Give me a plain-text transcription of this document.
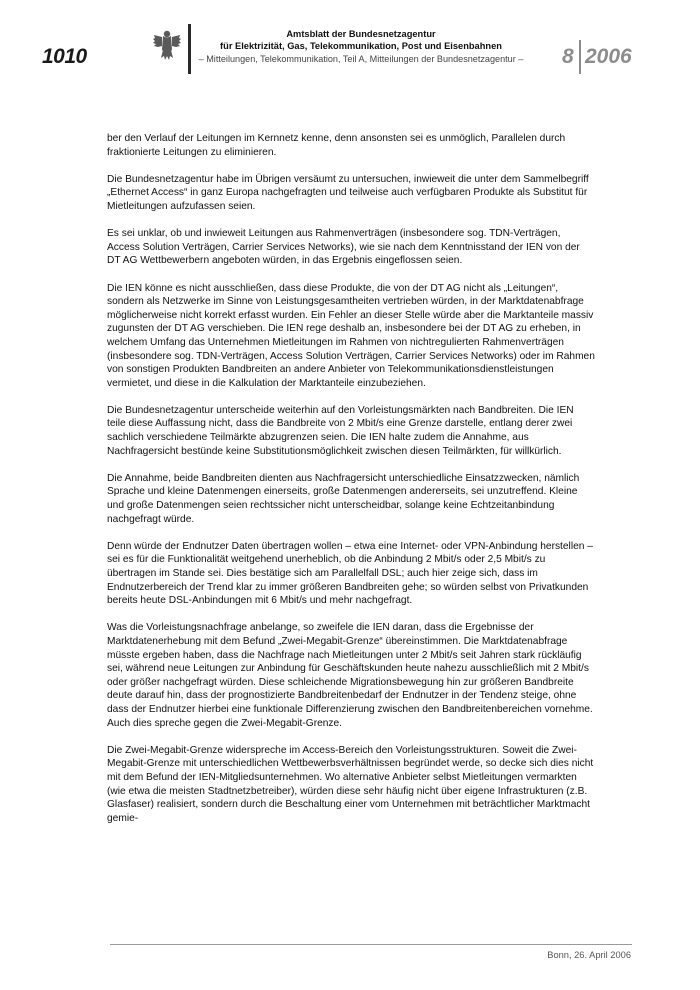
1010
Amtsblatt der Bundesnetzagentur
für Elektrizität, Gas, Telekommunikation, Post und Eisenbahnen
– Mitteilungen, Telekommunikation, Teil A, Mitteilungen der Bundesnetzagentur – 8 2006

ber den Verlauf der Leitungen im Kernnetz kenne, denn ansonsten sei es unmöglich, Parallelen durch fraktionierte Leitungen zu eliminieren.

Die Bundesnetzagentur habe im Übrigen versäumt zu untersuchen, inwieweit die unter dem Sammelbegriff „Ethernet Access“ in ganz Europa nachgefragten und teilweise auch verfügbaren Produkte als Substitut für Mietleitungen aufzufassen seien.

Es sei unklar, ob und inwieweit Leitungen aus Rahmenverträgen (insbesondere sog. TDN-Verträgen, Access Solution Verträgen, Carrier Services Networks), wie sie nach dem Kenntnisstand der IEN von der DT AG Wettbewerbern angeboten würden, in das Ergebnis eingeflossen seien.

Die IEN könne es nicht ausschließen, dass diese Produkte, die von der DT AG nicht als „Leitungen“, sondern als Netzwerke im Sinne von Leistungsgesamtheiten vertrieben würden, in der Marktdatenabfrage möglicherweise nicht korrekt erfasst wurden. Ein Fehler an dieser Stelle würde aber die Marktanteile massiv zugunsten der DT AG verschieben. Die IEN rege deshalb an, insbesondere bei der DT AG zu erheben, in welchem Umfang das Unternehmen Mietleitungen im Rahmen von nichtregulierten Rahmenverträgen (insbesondere sog. TDN-Verträgen, Access Solution Verträgen, Carrier Services Networks) oder im Rahmen von sonstigen Produkten Bandbreiten an andere Anbieter von Telekommunikationsdienstleistungen vermietet, und diese in die Kalkulation der Marktanteile einzubeziehen.

Die Bundesnetzagentur unterscheide weiterhin auf den Vorleistungsmärkten nach Bandbreiten. Die IEN teile diese Auffassung nicht, dass die Bandbreite von 2 Mbit/s eine Grenze darstelle, entlang derer zwei sachlich verschiedene Teilmärkte abzugrenzen seien. Die IEN halte zudem die Annahme, aus Nachfragersicht bestünde keine Substitutionsmöglichkeit zwischen diesen Teilmärkten, für willkürlich.

Die Annahme, beide Bandbreiten dienten aus Nachfragersicht unterschiedliche Einsatzzwecken, nämlich Sprache und kleine Datenmengen einerseits, große Datenmengen andererseits, sei unzutreffend. Kleine und große Datenmengen seien rechtssicher nicht unterscheidbar, solange keine Echtzeitanbindung nachgefragt würde.

Denn würde der Endnutzer Daten übertragen wollen – etwa eine Internet- oder VPN-Anbindung herstellen – sei es für die Funktionalität weitgehend unerheblich, ob die Anbindung 2 Mbit/s oder 2,5 Mbit/s zu übertragen im Stande sei. Dies bestätige sich am Parallelfall DSL; auch hier zeige sich, dass im Endnutzerbereich der Trend klar zu immer größeren Bandbreiten gehe; so würden selbst von Privatkunden bereits heute DSL-Anbindungen mit 6 Mbit/s und mehr nachgefragt.

Was die Vorleistungsnachfrage anbelange, so zweifele die IEN daran, dass die Ergebnisse der Marktdatenerhebung mit dem Befund „Zwei-Megabit-Grenze“ übereinstimmen. Die Marktdatenabfrage müsste ergeben haben, dass die Nachfrage nach Mietleitungen unter 2 Mbit/s seit Jahren stark rückläufig sei, während neue Leitungen zur Anbindung für Geschäftskunden heute nahezu ausschließlich mit 2 Mbit/s oder größer nachgefragt würden. Diese schleichende Migrationsbewegung hin zur größeren Bandbreite deute darauf hin, dass der prognostizierte Bandbreitenbedarf der Endnutzer in der Tendenz steige, ohne dass der Endnutzer hierbei eine funktionale Differenzierung zwischen den Bandbreitenbereichen vornehme. Auch dies spreche gegen die Zwei-Megabit-Grenze.

Die Zwei-Megabit-Grenze widerspreche im Access-Bereich den Vorleistungsstrukturen. Soweit die Zwei-Megabit-Grenze mit unterschiedlichen Wettbewerbsverhältnissen begründet werde, so decke sich dies nicht mit dem Befund der IEN-Mitgliedsunternehmen. Wo alternative Anbieter selbst Mietleitungen vermarkten (wie etwa die meisten Stadtnetzbetreiber), würden diese sehr häufig nicht über eigene Infrastrukturen (z.B. Glasfaser) realisiert, sondern durch die Beschaltung einer vom Unternehmen mit beträchtlicher Marktmacht gemie-

Bonn, 26. April 2006
